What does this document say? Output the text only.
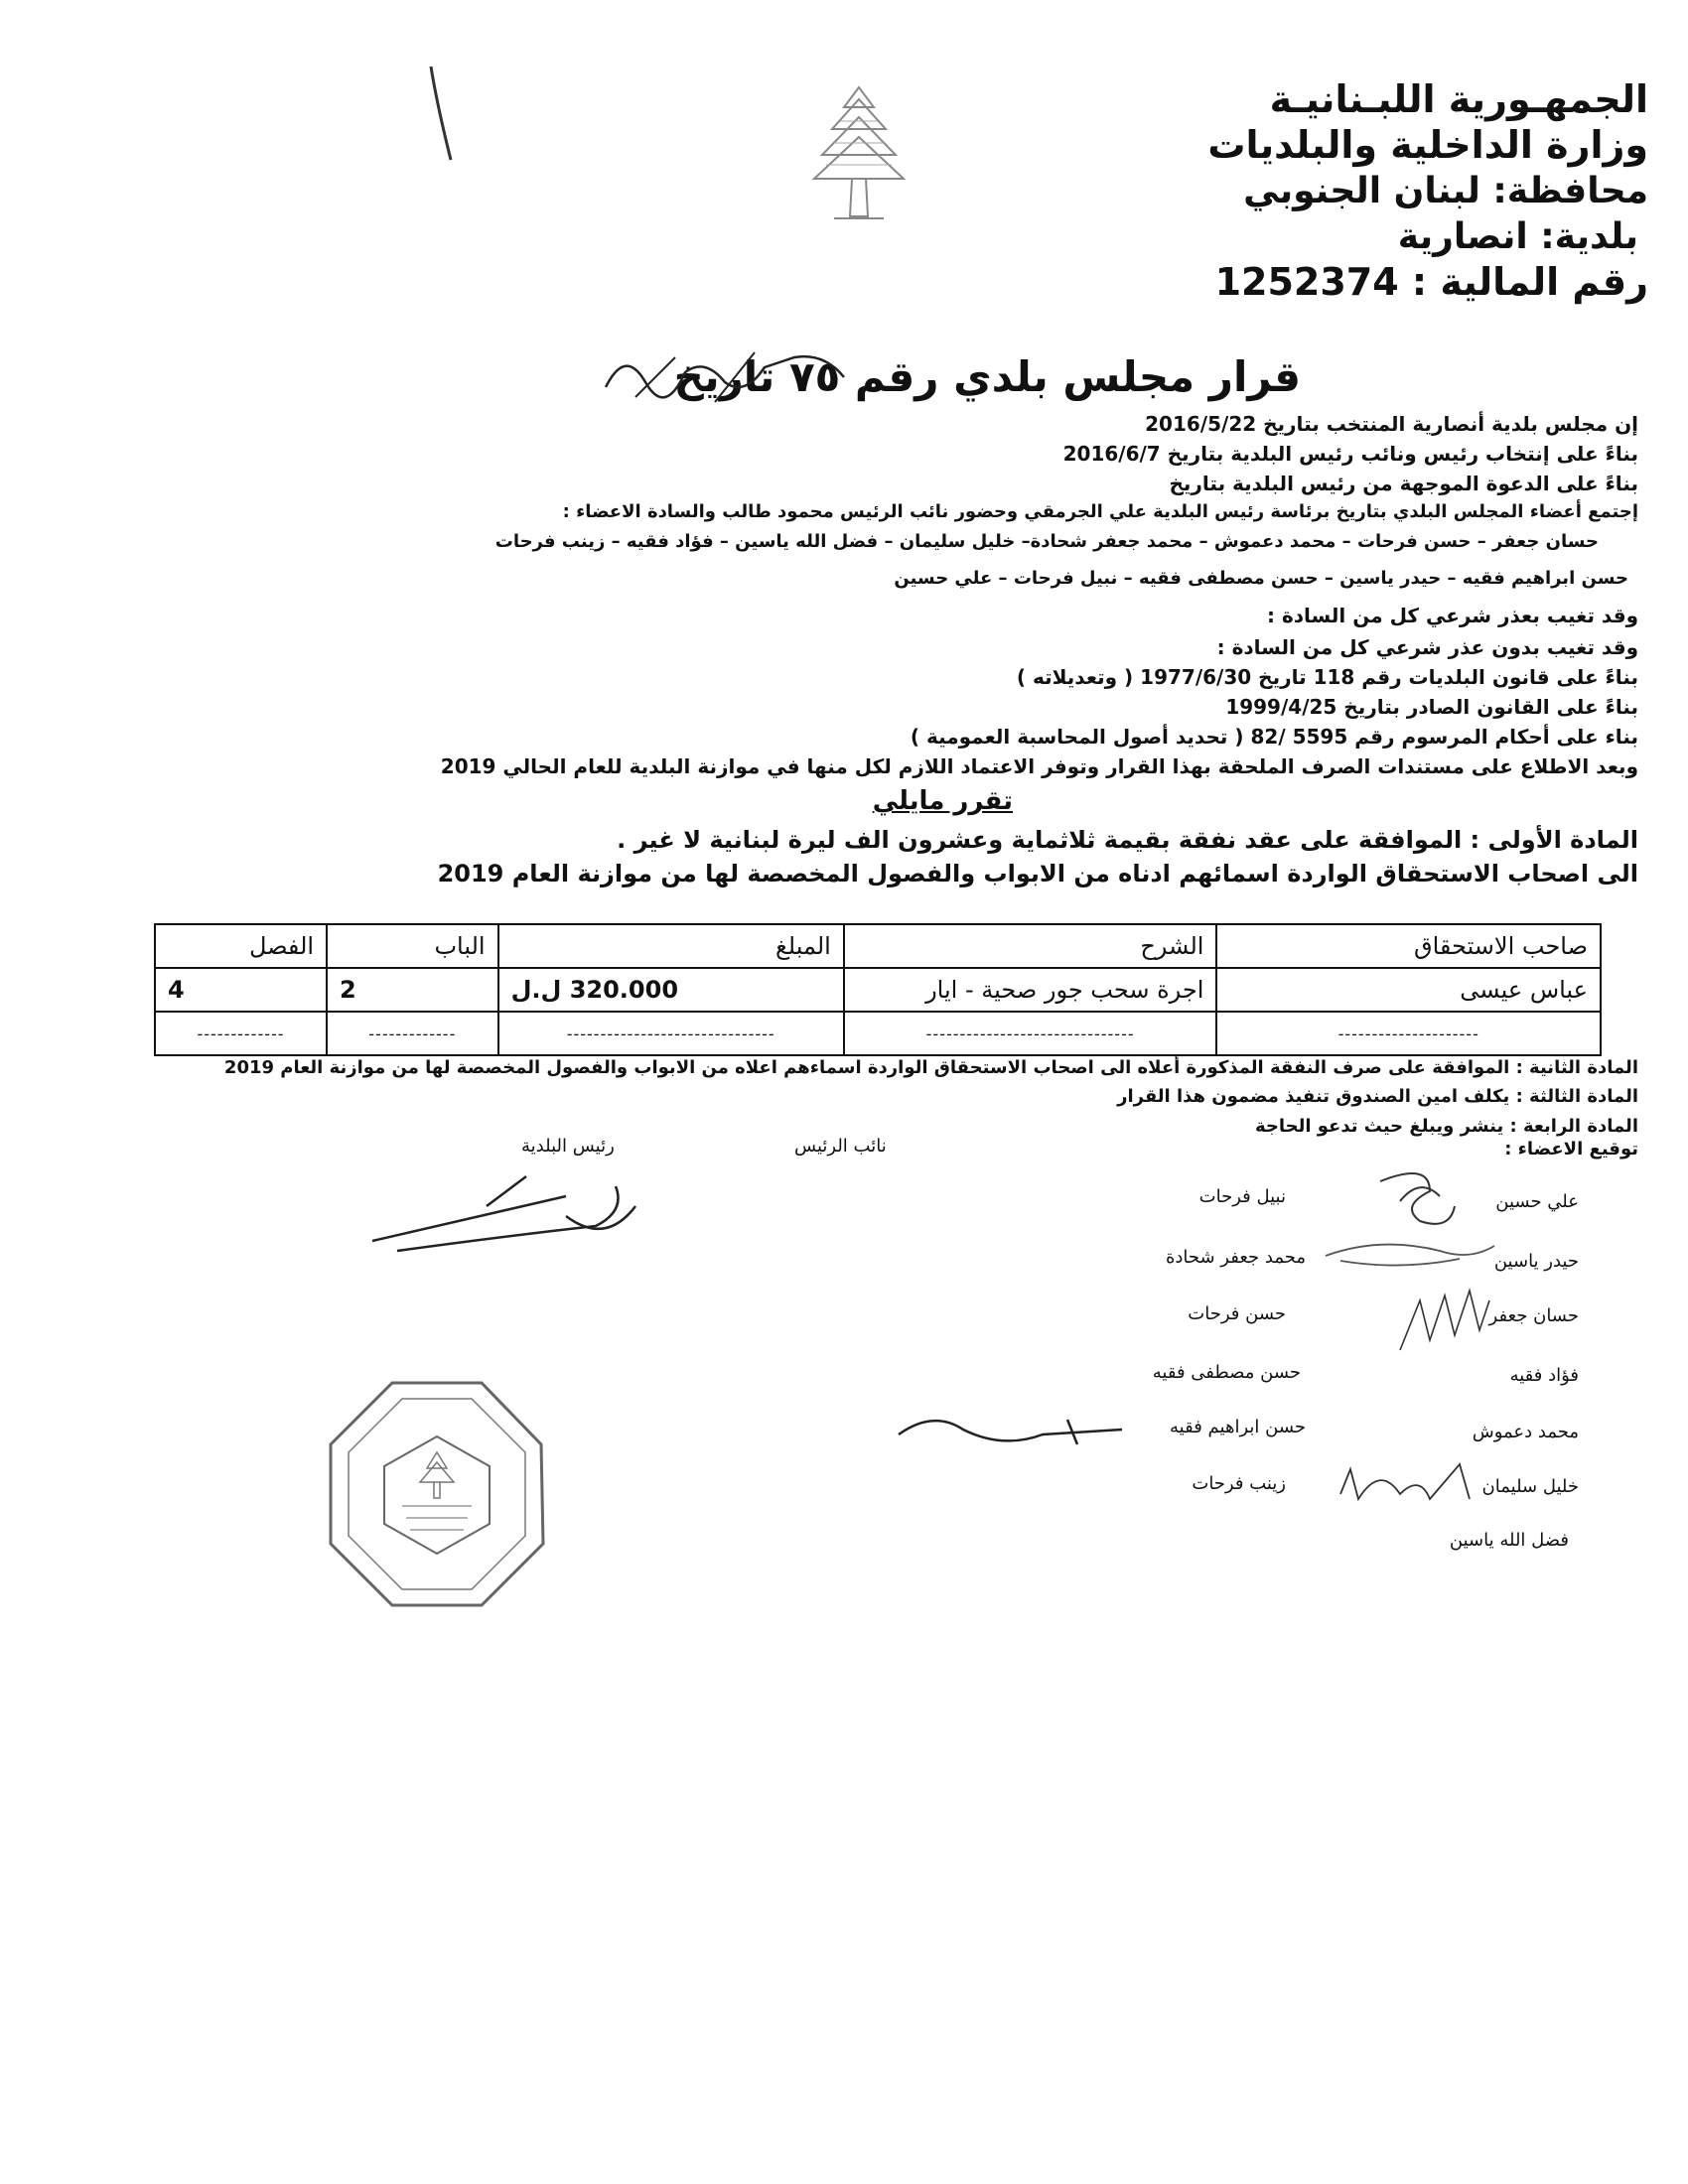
الجمهـورية اللبـنانيـة
وزارة الداخلية والبلديات
محافظة: لبنان الجنوبي
بلدية: انصارية
رقم المالية : 1252374
قرار مجلس بلدي رقم ٧٥ تاريخ
إن مجلس بلدية أنصارية المنتخب بتاريخ 2016/5/22
بناءً على إنتخاب رئيس ونائب رئيس البلدية بتاريخ 2016/6/7
بناءً على الدعوة الموجهة من رئيس البلدية بتاريخ
إجتمع أعضاء المجلس البلدي بتاريخ برئاسة رئيس البلدية علي الجرمقي وحضور نائب الرئيس محمود طالب والسادة الاعضاء :
حسان جعفر – حسن فرحات – محمد دعموش – محمد جعفر شحادة– خليل سليمان – فضل الله ياسين – فؤاد فقيه – زينب فرحات
حسن ابراهيم فقيه – حيدر ياسين – حسن مصطفى فقيه – نبيل فرحات – علي حسين
وقد تغيب بعذر شرعي كل من السادة :
وقد تغيب بدون عذر شرعي كل من السادة :
بناءً على قانون البلديات رقم 118 تاريخ 1977/6/30 ( وتعديلاته )
بناءً على القانون الصادر بتاريخ 1999/4/25
بناء على أحكام المرسوم رقم 5595 /82 ( تحديد أصول المحاسبة العمومية )
وبعد الاطلاع على مستندات الصرف الملحقة بهذا القرار وتوفر الاعتماد اللازم لكل منها في موازنة البلدية للعام الحالي 2019
تقرر مايلي
المادة الأولى : الموافقة على عقد نفقة بقيمة ثلاثماية وعشرون الف ليرة لبنانية لا غير .
الى اصحاب الاستحقاق الواردة اسمائهم ادناه من الابواب والفصول المخصصة لها من موازنة العام 2019
صاحب الاستحقاق	الشرح	المبلغ	الباب	الفصل
عباس عيسى	اجرة سحب جور صحية - ايار	320.000 ل.ل	2	4
---------------------	-------------------------------	-------------------------------	-------------	-------------
المادة الثانية : الموافقة على صرف النفقة المذكورة أعلاه الى اصحاب الاستحقاق الواردة اسماءهم اعلاه من الابواب والفصول المخصصة لها من موازنة العام 2019
المادة الثالثة : يكلف امين الصندوق تنفيذ مضمون هذا القرار
المادة الرابعة : ينشر ويبلغ حيث تدعو الحاجة
رئيس البلدية	نائب الرئيس	توقيع الاعضاء :
علي حسين
حيدر ياسين
حسان جعفر
فؤاد فقيه
محمد دعموش
خليل سليمان
فضل الله ياسين
نبيل فرحات
محمد جعفر شحادة
حسن فرحات
حسن مصطفى فقيه
حسن ابراهيم فقيه
زينب فرحات
